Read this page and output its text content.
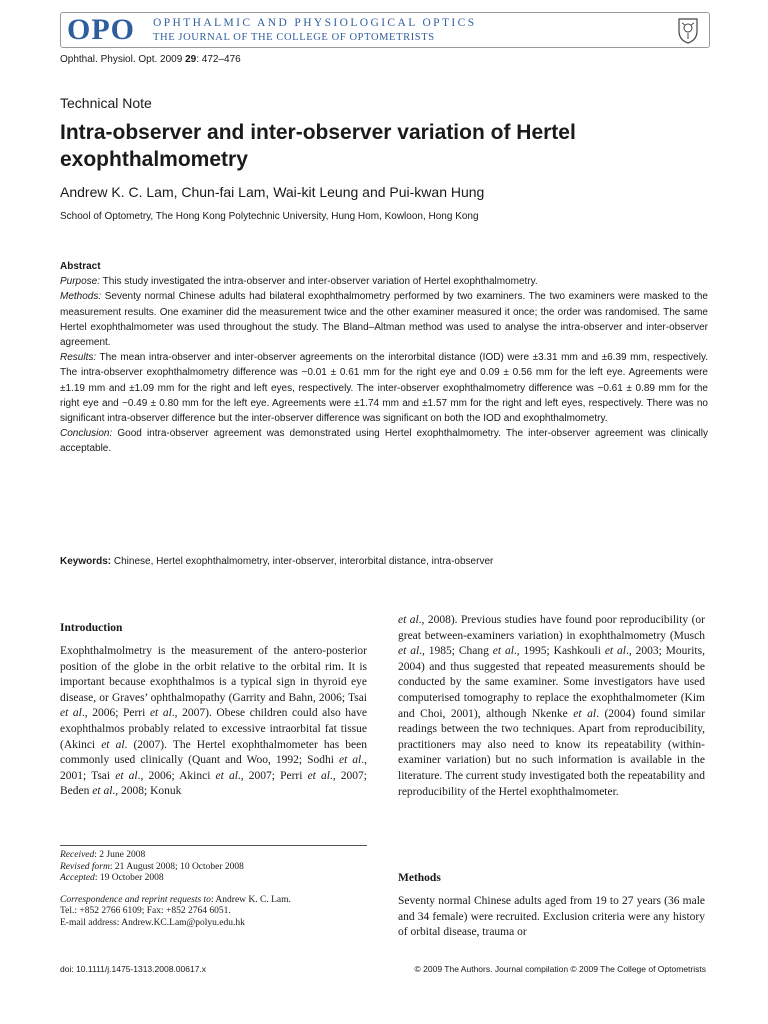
OPO OPHTHALMIC AND PHYSIOLOGICAL OPTICS
THE JOURNAL OF THE COLLEGE OF OPTOMETRISTS
Ophthal. Physiol. Opt. 2009 29: 472–476
Technical Note
Intra-observer and inter-observer variation of Hertel exophthalmometry
Andrew K. C. Lam, Chun-fai Lam, Wai-kit Leung and Pui-kwan Hung
School of Optometry, The Hong Kong Polytechnic University, Hung Hom, Kowloon, Hong Kong

Abstract

Purpose: This study investigated the intra-observer and inter-observer variation of Hertel exophthalmometry.

Methods: Seventy normal Chinese adults had bilateral exophthalmometry performed by two examiners. The two examiners were masked to the measurement results. One examiner did the measurement twice and the other examiner measured it once; the order was randomised. The same Hertel exophthalmometer was used throughout the study. The Bland–Altman method was used to analyse the intra-observer and inter-observer agreement.

Results: The mean intra-observer and inter-observer agreements on the interorbital distance (IOD) were ±3.31 mm and ±6.39 mm, respectively. The intra-observer exophthalmometry difference was −0.01 ± 0.61 mm for the right eye and 0.09 ± 0.56 mm for the left eye. Agreements were ±1.19 mm and ±1.09 mm for the right and left eyes, respectively. The inter-observer exophthalmometry difference was −0.61 ± 0.89 mm for the right eye and −0.49 ± 0.80 mm for the left eye. Agreements were ±1.74 mm and ±1.57 mm for the right and left eyes, respectively. There was no significant intra-observer difference but the inter-observer difference was significant on both the IOD and exophthalmometry.

Conclusion: Good intra-observer agreement was demonstrated using Hertel exophthalmometry. The inter-observer agreement was clinically acceptable.

Keywords: Chinese, Hertel exophthalmometry, inter-observer, interorbital distance, intra-observer
Introduction

Exophthalmolmetry is the measurement of the antero-posterior position of the globe in the orbit relative to the orbital rim. It is important because exophthalmos is a typical sign in thyroid eye disease, or Graves’ ophthalmopathy (Garrity and Bahn, 2006; Tsai et al., 2006; Perri et al., 2007). Obese children could also have exophthalmos probably related to excessive intraorbital fat tissue (Akinci et al. (2007). The Hertel exophthalmometer has been commonly used clinically (Quant and Woo, 1992; Sodhi et al., 2001; Tsai et al., 2006; Akinci et al., 2007; Perri et al., 2007; Beden et al., 2008; Konuk

Received: 2 June 2008

Revised form: 21 August 2008; 10 October 2008

Accepted: 19 October 2008

Correspondence and reprint requests to: Andrew K. C. Lam.

Tel.: +852 2766 6109; Fax: +852 2764 6051.

E-mail address: Andrew.KC.Lam@polyu.edu.hk

et al., 2008). Previous studies have found poor reproducibility (or great between-examiners variation) in exophthalmometry (Musch et al., 1985; Chang et al., 1995; Kashkouli et al., 2003; Mourits, 2004) and thus suggested that repeated measurements should be conducted by the same examiner. Some investigators have used computerised tomography to replace the exophthalmometer (Kim and Choi, 2001), although Nkenke et al. (2004) found similar readings between the two techniques. Apart from reproducibility, practitioners may also need to know its repeatability (within-examiner variation) but no such information is available in the literature. The current study investigated both the repeatability and reproducibility of the Hertel exophthalmometer.

Methods
Seventy normal Chinese adults aged from 19 to 27 years (36 male and 34 female) were recruited. Exclusion criteria were any history of orbital disease, trauma or
doi: 10.1111/j.1475-1313.2008.00617.x	© 2009 The Authors. Journal compilation © 2009 The College of Optometrists
